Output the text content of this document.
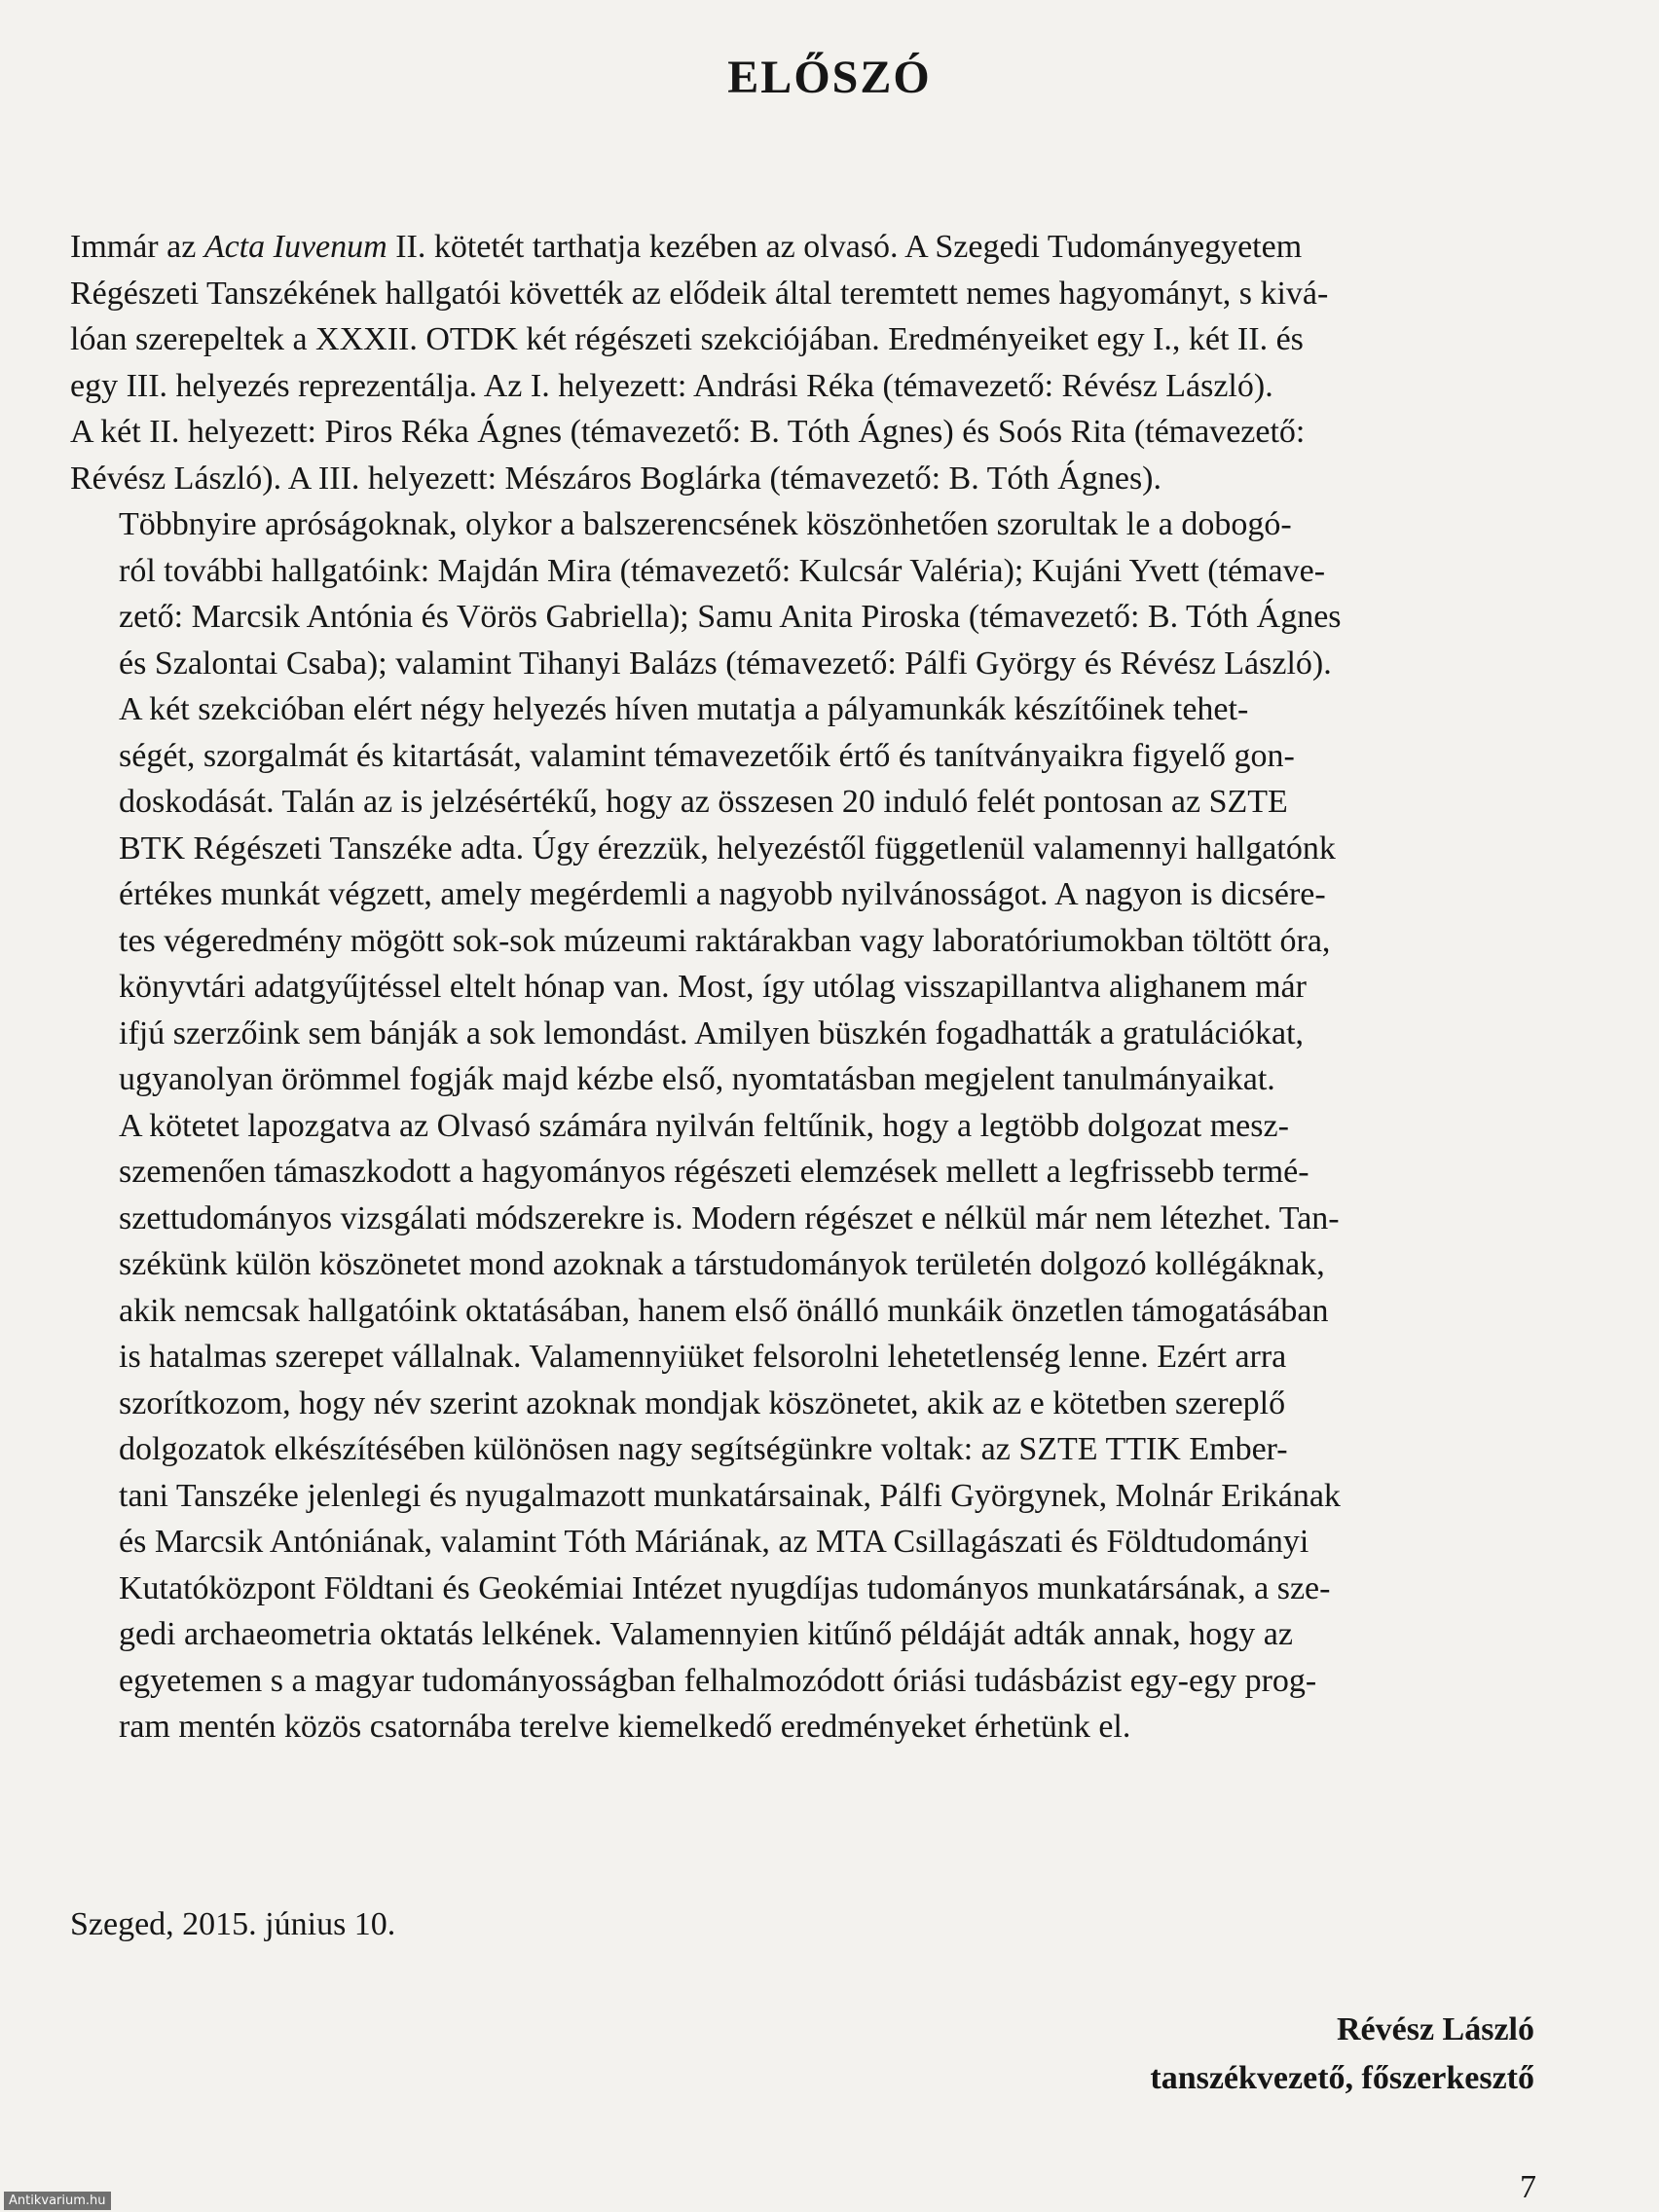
ELŐSZÓ

Immár az Acta Iuvenum II. kötetét tarthatja kezében az olvasó. A Szegedi Tudományegyetem
Régészeti Tanszékének hallgatói követték az elődeik által teremtett nemes hagyományt, s kivá-
lóan szerepeltek a XXXII. OTDK két régészeti szekciójában. Eredményeiket egy I., két II. és
egy III. helyezés reprezentálja. Az I. helyezett: Andrási Réka (témavezető: Révész László).
A két II. helyezett: Piros Réka Ágnes (témavezető: B. Tóth Ágnes) és Soós Rita (témavezető:
Révész László). A III. helyezett: Mészáros Boglárka (témavezető: B. Tóth Ágnes).

Többnyire apróságoknak, olykor a balszerencsének köszönhetően szorultak le a dobogó-
ról további hallgatóink: Majdán Mira (témavezető: Kulcsár Valéria); Kujáni Yvett (témave-
zető: Marcsik Antónia és Vörös Gabriella); Samu Anita Piroska (témavezető: B. Tóth Ágnes
és Szalontai Csaba); valamint Tihanyi Balázs (témavezető: Pálfi György és Révész László).

A két szekcióban elért négy helyezés híven mutatja a pályamunkák készítőinek tehet-
ségét, szorgalmát és kitartását, valamint témavezetőik értő és tanítványaikra figyelő gon-
doskodását. Talán az is jelzésértékű, hogy az összesen 20 induló felét pontosan az SZTE
BTK Régészeti Tanszéke adta. Úgy érezzük, helyezéstől függetlenül valamennyi hallgatónk
értékes munkát végzett, amely megérdemli a nagyobb nyilvánosságot. A nagyon is dicsére-
tes végeredmény mögött sok-sok múzeumi raktárakban vagy laboratóriumokban töltött óra,
könyvtári adatgyűjtéssel eltelt hónap van. Most, így utólag visszapillantva alighanem már
ifjú szerzőink sem bánják a sok lemondást. Amilyen büszkén fogadhatták a gratulációkat,
ugyanolyan örömmel fogják majd kézbe első, nyomtatásban megjelent tanulmányaikat.

A kötetet lapozgatva az Olvasó számára nyilván feltűnik, hogy a legtöbb dolgozat mesz-
szemenően támaszkodott a hagyományos régészeti elemzések mellett a legfrissebb termé-
szettudományos vizsgálati módszerekre is. Modern régészet e nélkül már nem létezhet. Tan-
székünk külön köszönetet mond azoknak a társtudományok területén dolgozó kollégáknak,
akik nemcsak hallgatóink oktatásában, hanem első önálló munkáik önzetlen támogatásában
is hatalmas szerepet vállalnak. Valamennyiüket felsorolni lehetetlenség lenne. Ezért arra
szorítkozom, hogy név szerint azoknak mondjak köszönetet, akik az e kötetben szereplő
dolgozatok elkészítésében különösen nagy segítségünkre voltak: az SZTE TTIK Ember-
tani Tanszéke jelenlegi és nyugalmazott munkatársainak, Pálfi Györgynek, Molnár Erikának
és Marcsik Antóniának, valamint Tóth Máriának, az MTA Csillagászati és Földtudományi
Kutatóközpont Földtani és Geokémiai Intézet nyugdíjas tudományos munkatársának, a sze-
gedi archaeometria oktatás lelkének. Valamennyien kitűnő példáját adták annak, hogy az
egyetemen s a magyar tudományosságban felhalmozódott óriási tudásbázist egy-egy prog-
ram mentén közös csatornába terelve kiemelkedő eredményeket érhetünk el.

Szeged, 2015. június 10.

Révész László
tanszékvezető, főszerkesztő
7
Antikvarium.hu
